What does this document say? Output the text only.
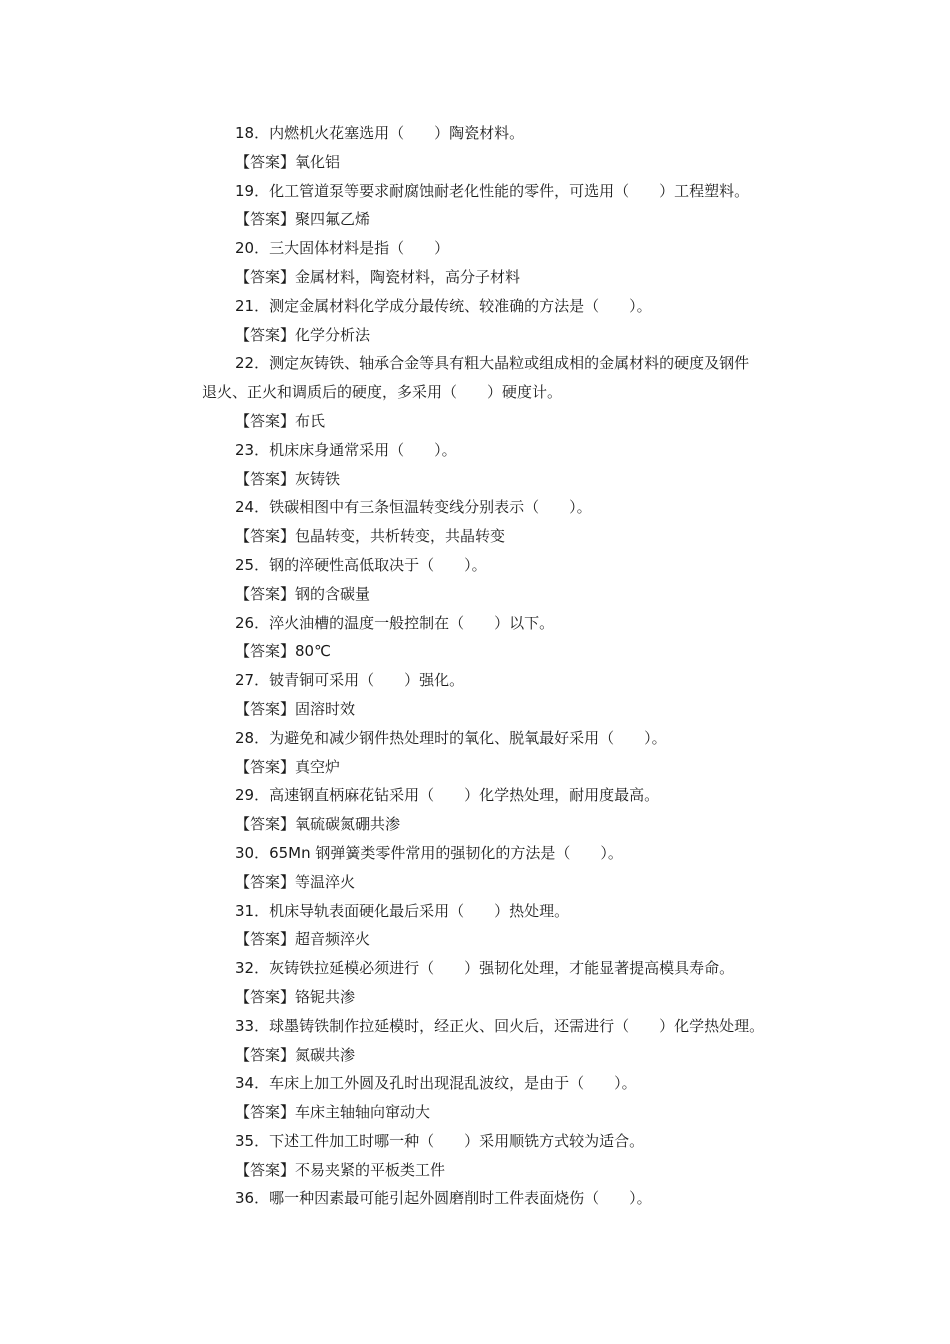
18．内燃机火花塞选用（　　）陶瓷材料。
【答案】氧化铝
19．化工管道泵等要求耐腐蚀耐老化性能的零件，可选用（　　）工程塑料。
【答案】聚四氟乙烯
20．三大固体材料是指（　　）
【答案】金属材料，陶瓷材料，高分子材料
21．测定金属材料化学成分最传统、较准确的方法是（　　）。
【答案】化学分析法
22．测定灰铸铁、轴承合金等具有粗大晶粒或组成相的金属材料的硬度及钢件
退火、正火和调质后的硬度，多采用（　　）硬度计。
【答案】布氏
23．机床床身通常采用（　　）。
【答案】灰铸铁
24．铁碳相图中有三条恒温转变线分别表示（　　）。
【答案】包晶转变，共析转变，共晶转变
25．钢的淬硬性高低取决于（　　）。
【答案】钢的含碳量
26．淬火油槽的温度一般控制在（　　）以下。
【答案】80℃
27．铍青铜可采用（　　）强化。
【答案】固溶时效
28．为避免和减少钢件热处理时的氧化、脱氧最好采用（　　）。
【答案】真空炉
29．高速钢直柄麻花钻采用（　　）化学热处理，耐用度最高。
【答案】氧硫碳氮硼共渗
30．65Mn 钢弹簧类零件常用的强韧化的方法是（　　）。
【答案】等温淬火
31．机床导轨表面硬化最后采用（　　）热处理。
【答案】超音频淬火
32．灰铸铁拉延模必须进行（　　）强韧化处理，才能显著提高模具寿命。
【答案】铬铌共渗
33．球墨铸铁制作拉延模时，经正火、回火后，还需进行（　　）化学热处理。
【答案】氮碳共渗
34．车床上加工外圆及孔时出现混乱波纹，是由于（　　）。
【答案】车床主轴轴向窜动大
35．下述工件加工时哪一种（　　）采用顺铣方式较为适合。
【答案】不易夹紧的平板类工件
36．哪一种因素最可能引起外圆磨削时工件表面烧伤（　　）。
